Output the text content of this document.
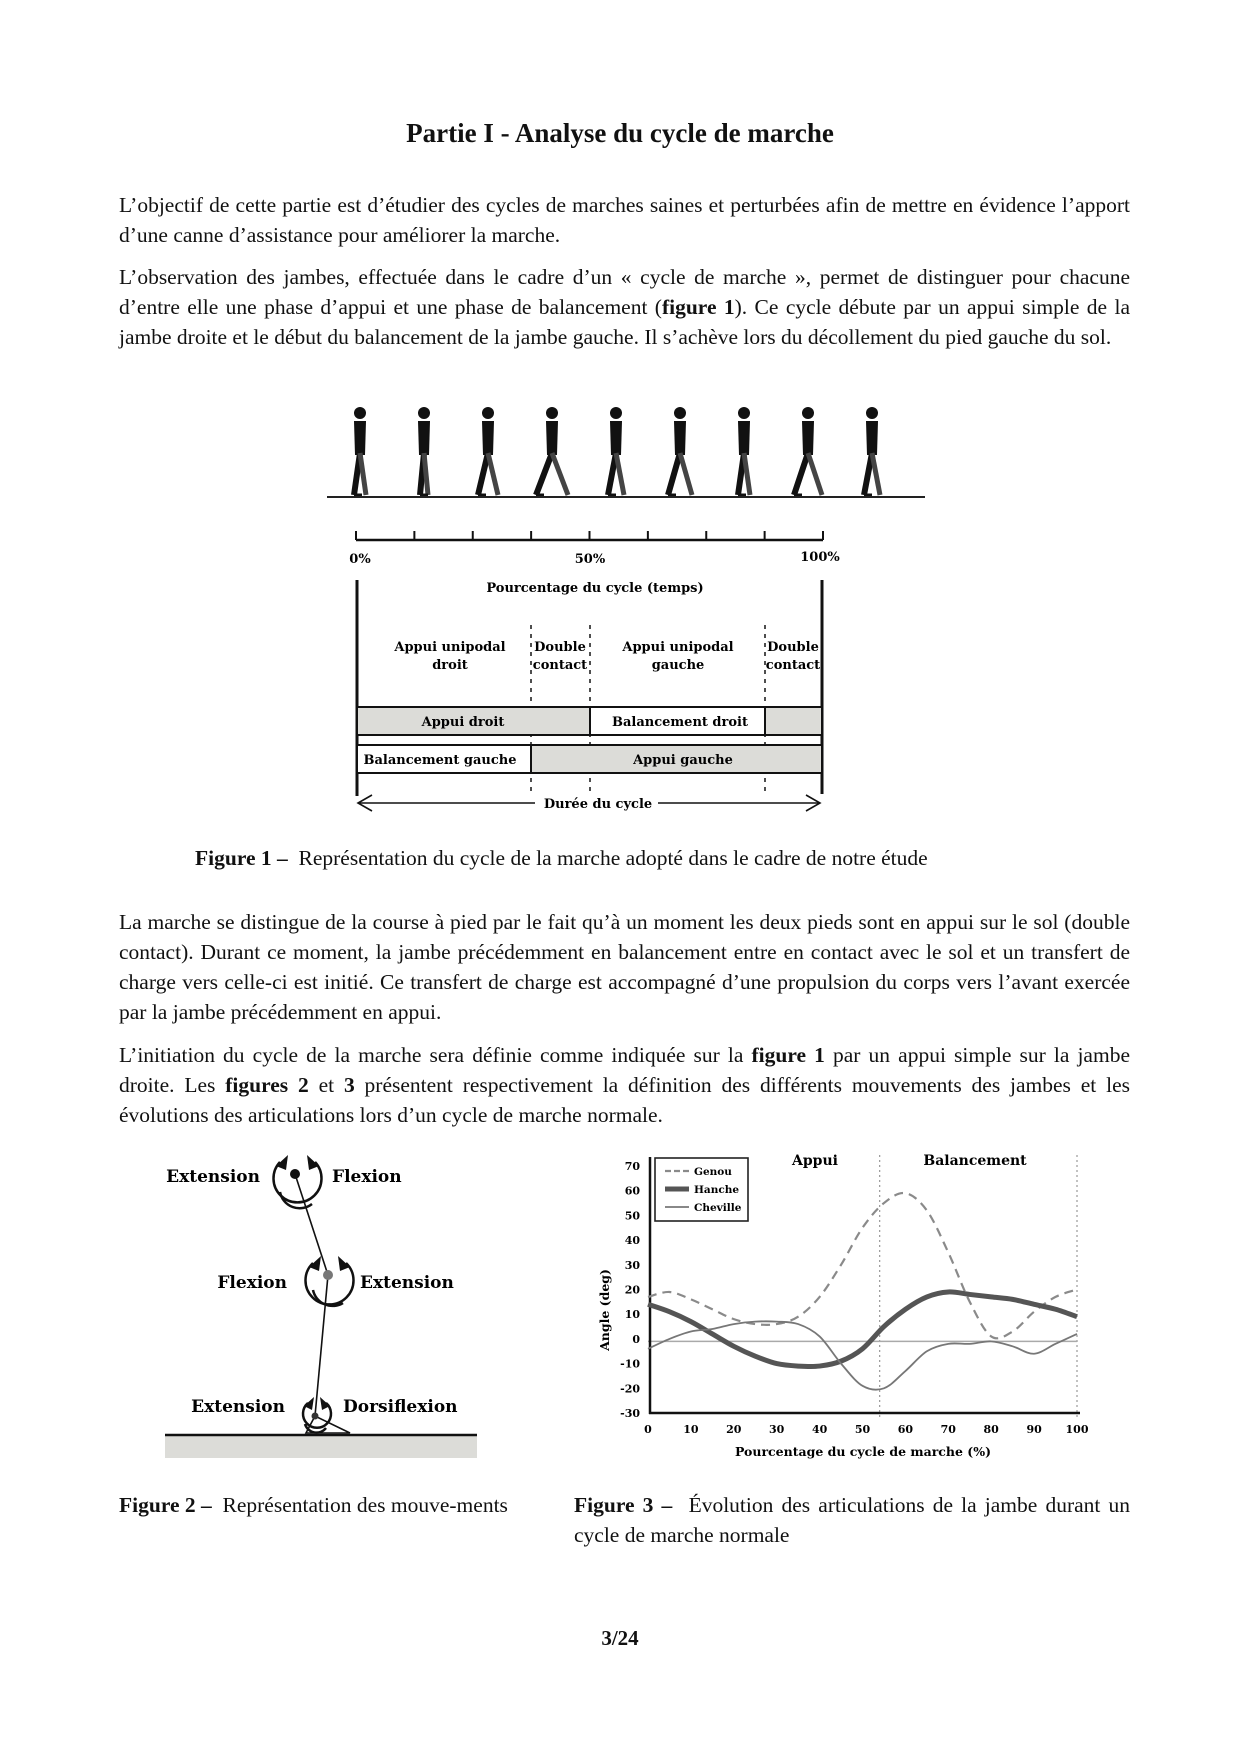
Partie I - Analyse du cycle de marche

L’objectif de cette partie est d’étudier des cycles de marches saines et perturbées afin de mettre en évidence l’apport d’une canne d’assistance pour améliorer la marche.

L’observation des jambes, effectuée dans le cadre d’un « cycle de marche », permet de distinguer pour chacune d’entre elle une phase d’appui et une phase de balancement (figure 1). Ce cycle débute par un appui simple de la jambe droite et le début du balancement de la jambe gauche. Il s’achève lors du décollement du pied gauche du sol.

0%	50%	100%
Pourcentage du cycle (temps)
Appui unipodal
droit
Double
contact
Appui unipodal
gauche
Double
contact
Appui droit	Balancement droit
Balancement gauche	Appui gauche
Durée du cycle
Figure 1 – Représentation du cycle de la marche adopté dans le cadre de notre étude

La marche se distingue de la course à pied par le fait qu’à un moment les deux pieds sont en appui sur le sol (double contact). Durant ce moment, la jambe précédemment en balancement entre en contact avec le sol et un transfert de charge vers celle-ci est initié. Ce transfert de charge est accompagné d’une propulsion du corps vers l’avant exercée par la jambe précédemment en appui.

L’initiation du cycle de la marche sera définie comme indiquée sur la figure 1 par un appui simple sur la jambe droite. Les figures 2 et 3 présentent respectivement la définition des différents mouvements des jambes et les évolutions des articulations lors d’un cycle de marche normale.

Extension	Flexion
Flexion	Extension
Extension	Dorsiflexion
70
60
50
40
30
20
10
0
-10
-20
-30
0	10	20	30	40	50	60	70	80	90 100
Pourcentage du cycle de marche (%)
Angle (deg)
Appui	Balancement
Genou
Hanche
Cheville
Figure 2 – Représentation des mouve-ments	Figure 3 – Évolution des articulations de la jambe durant un cycle de marche normale
3/24
